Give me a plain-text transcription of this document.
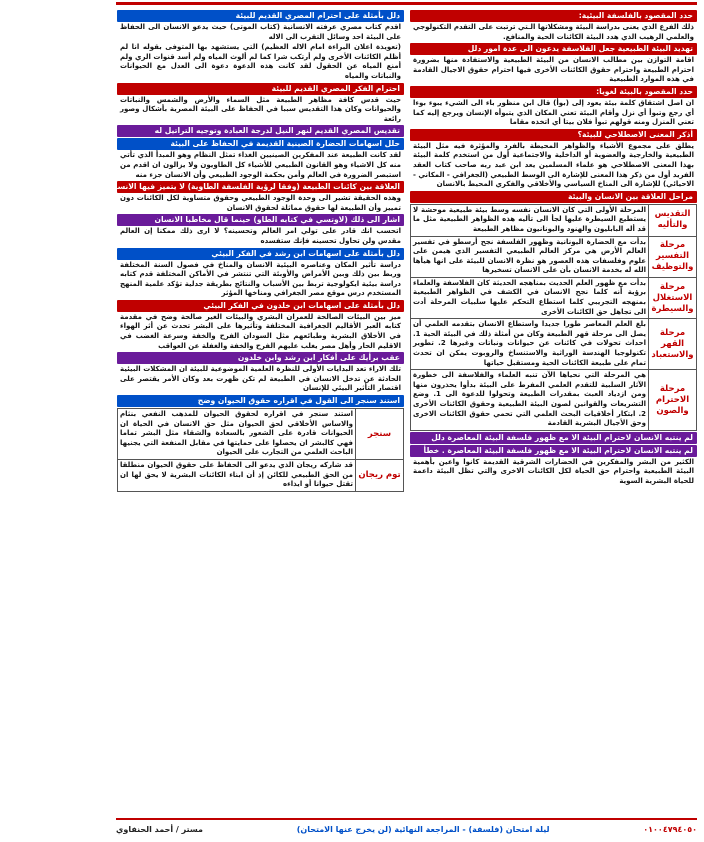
حدد المقصود بالفلسفة البيئية:
ذلك الفرع الذي يعنى بدراسة البيئة ومشكلاتها الـتي ترتبت على التقدم التكنولوجي والعلمي الرهيب الذي هدد البيئة الكائنات الحية والمنافع.
تهديد البيئة الطبيعية جعل الفلاسفة يدعون الى عدة امور دلل
اقامة التوازن بين مطالب الانسان من البيئة الطبيعية والاستفادة منها بضرورة احترام الطبيعة واحترام حقوق الكائنات الأخرى فيها احترام حقوق الاجيال القادمة في هذه الموارد الطبيعية
حدد المقصود بالبيئة لغويا:
ان اصل اشتقاق كلمة بيئة يعود إلى (بوأ) قال ابن منظور باء الى الشيء يبوء بوءا أي رجع وتبوأ أي نزل وأقام البيئة تعني المكان الذي يتبوأه الإنسان ويرجع إليه كما تعني المنزل ومنه قولهم تبوأ فلان بيتا أي اتخذه مقاما
أذكر المعنى الاصطلاحي للبيئة؟
يطلق على مجموع الأشياء والظواهر المحيطة بالفرد والمؤثرة فيه مثل البيئة الطبيعية والخارجية والعضوية أو الداخلية والاجتماعية أول من استخدم كلمة البيئة بهذا المعنى الاصطلاحي هو علماء المسلمين يعد ابن عبد ربه صاحب كتاب العقد الفريد أول من ذكر هذا المعنى للإشارة الى الوسط الطبيعي (الجغرافي - المكاني - الاحيائي) للإشارة الى المناخ السياسي والأخلاقي والفكري المحيط بالانسان
مراحل العلاقة بين الانسان والبيئة
التقديس والتأليه
المرحلة الأولى التي كان الانسان نفسه وسط بيئة طبيعية موحشة لا يستطيع السيطرة عليها لجأ الى تأليه هذه الظواهر الطبيعية مثل ما قد أله البابليون والهنود واليونانيون مظاهر الطبيعة
مرحلة التفسير والتوظيف
بدأت مع الحضارة اليونانية وظهور الفلسفة نجح أرسطو في تفسير العالم الأرض هي مركز العالم الطبيعي التفسير الذي هيمن على علوم وفلسفات هذه العصور هو نظرة الانسان للبيئة على انها هيأها الله له بخدمة الانسان بأن على الانسان تسخيرها
مرحلة الاستغلال والسيطرة
بدأت مع ظهور العلم الحديث بمناهجه الحديثة كان الفلاسفة والعلماء برؤية أنه كلما نجح الانسان في الكشف في الظواهر الطبيعية بمنهجه التجريبي كلما استطاع التحكم عليها سلبيات المرحلة أدت الى تجاهل حق الكائنات الأخرى
مرحلة القهر والاستعباد
بلغ العلم المعاصر طورا جديدا واستطاع الانسان بتقدمه العلمي أن يصل الى مرحلة قهر الطبيعة وكان من أمثلة ذلك في البيئة الحية 1. احداث تحولات في كائنات عن حيوانات ونباتات وغيرها 2. تطوير تكنولوجيا الهندسة الوراثية والاستنساخ والروبوت يمكن ان تحدث تمام على طبيعة الكائنات الحية ومستقبل حياتها
مرحلة الاحترام والصون
هي المرحلة التي نحياها الآن تنبه العلماء والفلاسفة الى خطورة الآثار السلبية للتقدم العلمي المفرط على البيئة بدأوا يحذرون منها ومن ازدياد العبث بمقدرات الطبيعة وتحولوا للدعوة الى 1. وضع التشريعات والقوانين لصون البيئة الطبيعية وحقوق الكائنات الأخرى 2. ابتكار أخلاقيات البحث العلمي التي تحمي حقوق الكائنات الاخرى وحق الأجيال البشرية القادمة
لم ينتبه الانسان لاحترام البيئة الا مع ظهور فلسفة البيئة المعاصرة دلل
لم ينتبه الانسان لاحترام البيئة الا مع ظهور فلسفة البيئة المعاصرة . خطأ
الكثير من البشر والمفكرين في الحضارات الشرقية القديمة كانوا واعين بأهمية البيئة الطبيعية واحترام حق الحياة لكل الكائنات الاخرى والتي تظل البيئة داعمة للحياة البشرية السوية
دلل بأمثلة على احترام المصري القديم للبيئة
اقدم كتاب مصري عرفته الانسانية (كتاب الموتى) حيث يدعو الانسان الى الحفاظ على البيئة احد وسائل التقرب الى الاله
(تعويذة اعلان البراءة امام الاله العظيم) التي يستشهد بها المتوفى بقوله انا لم أظلم الكائنات الأخرى ولم أرتكب شرا كما لم ألوث المياه ولم أسد قنوات الري ولم أمنع المياه عن الحقول لقد كانت هذه الدعوة دعوة الى العدل مع الحيوانات والنباتات والمياه
احترام الفكر المصري القديم للبيئة
حيث قدس كافة مظاهر الطبيعة مثل السماء والأرض والشمس والنباتات والحيوانات وكان هذا التقديس سببا في الحفاظ على البيئة المصرية بأشكال وصور رائعة
تقديس المصري القديم لنهر النيل لدرجة العبادة وتوجيه التراتيل له
حلل اسهامات الحضارة الصينية القديمة في الحفاظ على البيئة
لقد كانت الطبيعة عند المفكرين الصينيين الغذاء تمثل النظام وهو المبدأ الذي تأتي منه كل الاشياء وهو القانون الطبيعي للأشياء كل الطاويون ولا يزالون ان اقدم من استبصر الضرورة في العالم وأمن بحكمة الوجود الطبيعي وأن الانسان جزء منه
العلاقة بين كائنات الطبيعة (وفقا لرؤية الفلسفة الطاوية) لا يتميز فيها الانسان عن غيره من الكائنات الأخرى
وهذه الحقيقة تشير الى وحدة الوجود الطبيعي وحقوق متساوية لكل الكائنات دون تمييز وأن الطبيعة لها حقوق مماثلة لحقوق الانسان
اشار الى ذلك (لاوتسي في كتابه الطاو) حينما قال مخاطبا الانسان
اتحسب انك قادر على تولي امر العالم وتحسينه؟ لا ارى ذلك ممكنا إن العالم مقدس ولن تحاول تحسينه فإنك ستفسده
دلل بأمثلة على اسهامات ابن رشد في الفكر البيئي
دراسة تأثير المكان وعناصره البيئية الانسان والمناخ في فصول السنة المختلفة وربط بين ذلك وبين الأمراض والأوبئة التي تنتشر في الأماكن المختلفة قدم كتابه دراسة بيئية ايكولوجية تربط بين الأسباب والنتائج بطريقة جدلية تؤكد علمية المنهج المستخدم درس موقع مصر الجغرافي ومناخها المؤثر
دلل بأمثلة على اسهامات ابن خلدون في الفكر البيئي
ميز بين البيئات الصالحة للعمران البشري والبيئات الغير صالحة وضح في مقدمة كتابه العبر الأقاليم الجغرافية المختلفة وتأثيرها على البشر تحدث عن أثر الهواء في الأخلاق البشرية وطبائعهم مثل السودان الفرح والخفة وسرعة الغضب في الاقليم الحار وأهل مصر يغلب عليهم الفرح والخفة والغفلة عن العواقب
عقب برأيك على أفكار ابن رشد وابن خلدون
تلك الاراء تعد البدايات الأولى للنظرة العلمية الموضوعية للبيئة ان المشكلات البيئية الحادثة عن تدخل الانسان في الطبيعة لم تكن ظهرت بعد وكان الأمر يقتصر على اقتصار التأثير البيئي للإنسان
استند سنجر الى القول في اقراره حقوق الحيوان وضح
سنجر
استند سنجر في اقراره لحقوق الحيوان للمذهب النفعي بنثام والاساس الأخلاقي لحق الحيوان مثل حق الانسان في الحياة ان الحيوانات قادرة على الشعور بالسعادة والشقاء مثل البشر تماما فهي كالبشر ان يحصلوا على حمايتها في مقابل المنفعة التي يجنيها الباحث العلمي من التجارب على الحيوان
توم ريجان
قد شاركه ريجان الذي يدعو الى الحفاظ على حقوق الحيوان منطلقا من الحق الطبيعي للكائن إذ أن ابناء الكائنات البشرية لا يحق لها ان تقتل حيوانا أو ايذاءه
٠١٠٠٤٧٩٤٠٥٠
ليلة امتحان (فلسفة) - المراجعة النهائية (لن يخرج عنها الامتحان)
مستر / أحمد الحنفاوي
